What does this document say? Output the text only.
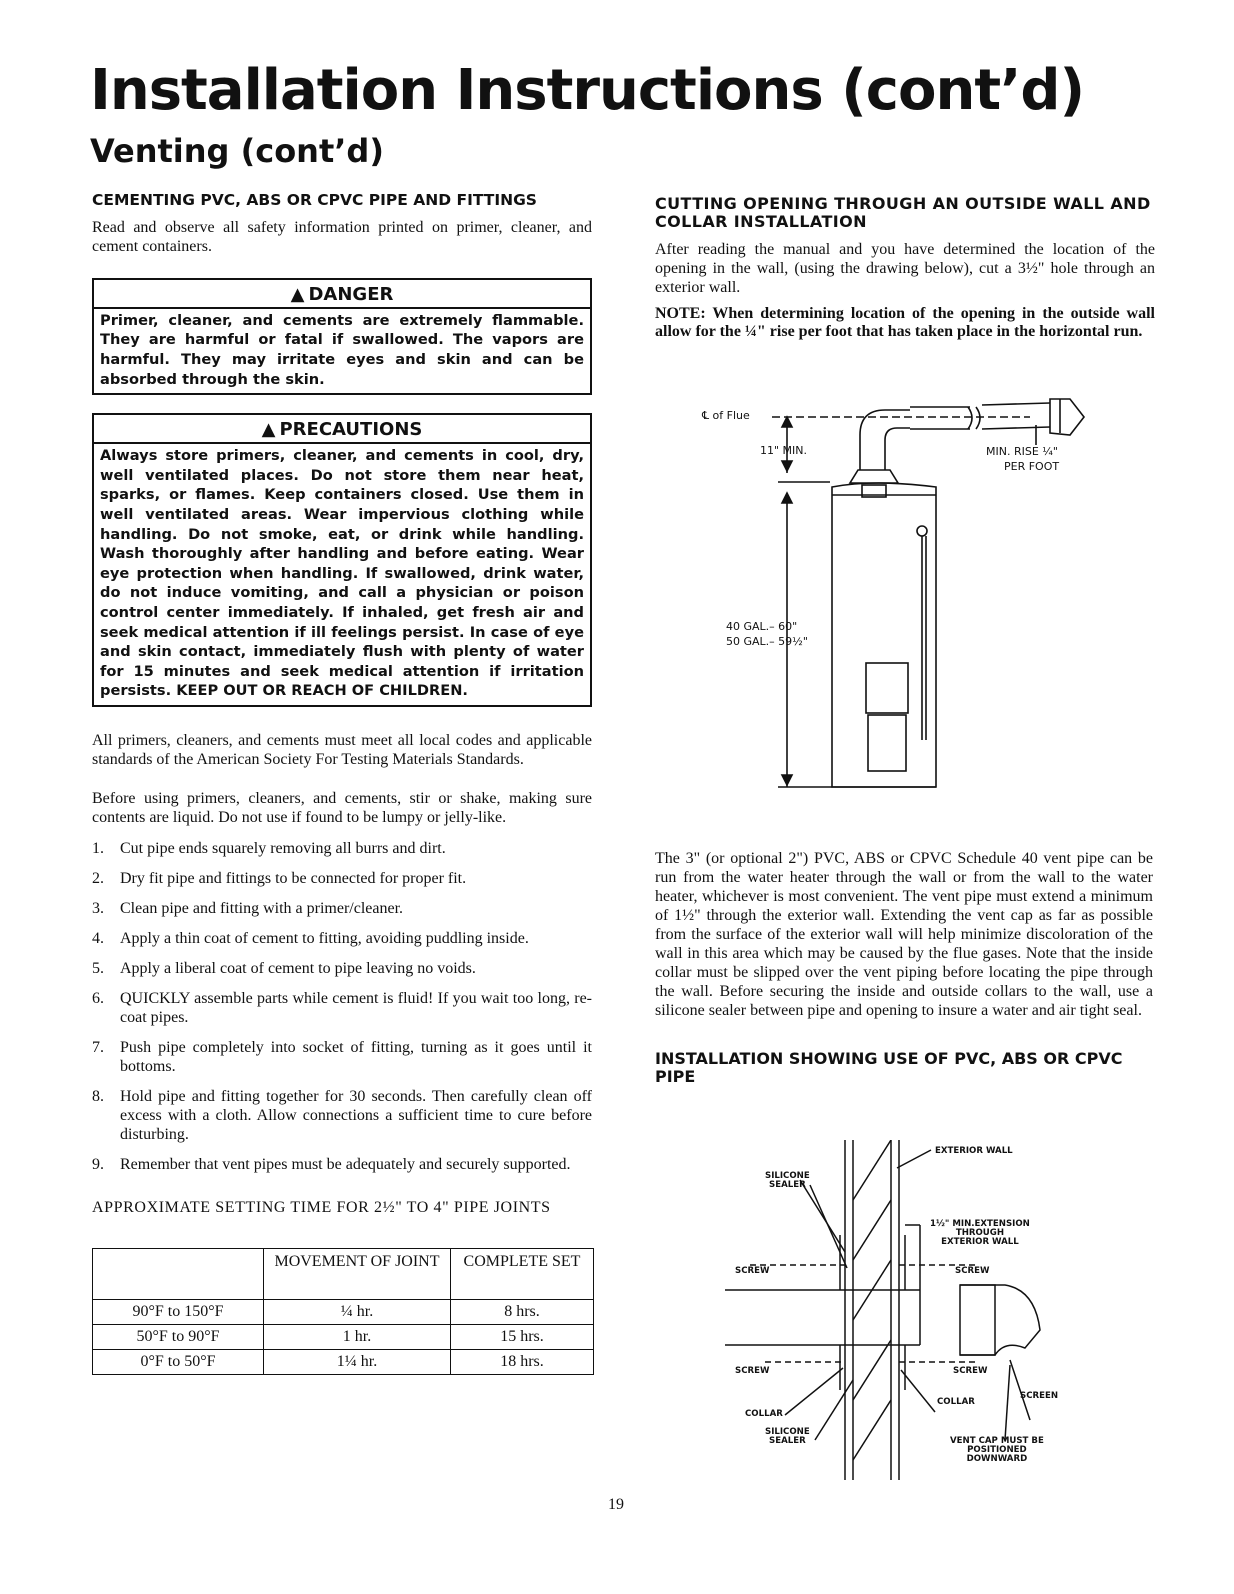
Installation Instructions (cont’d)
Venting (cont’d)
CEMENTING PVC, ABS OR CPVC PIPE AND FITTINGS

Read and observe all safety information printed on primer, cleaner, and cement containers.

▲ DANGER
Primer, cleaner, and cements are extremely flammable. They are harmful or fatal if swallowed. The vapors are harmful. They may irritate eyes and skin and can be absorbed through the skin.
▲ PRECAUTIONS
Always store primers, cleaner, and cements in cool, dry, well ventilated places. Do not store them near heat, sparks, or flames. Keep containers closed. Use them in well ventilated areas. Wear impervious clothing while handling. Do not smoke, eat, or drink while handling. Wash thoroughly after handling and before eating. Wear eye protection when handling. If swallowed, drink water, do not induce vomiting, and call a physician or poison control center immediately. If inhaled, get fresh air and seek medical attention if ill feelings persist. In case of eye and skin contact, immediately flush with plenty of water for 15 minutes and seek medical attention if irritation persists. KEEP OUT OR REACH OF CHILDREN.

All primers, cleaners, and cements must meet all local codes and applicable standards of the American Society For Testing Materials Standards.

Before using primers, cleaners, and cements, stir or shake, making sure contents are liquid. Do not use if found to be lumpy or jelly-like.

1. Cut pipe ends squarely removing all burrs and dirt.
2. Dry fit pipe and fittings to be connected for proper fit.
3. Clean pipe and fitting with a primer/cleaner.
4. Apply a thin coat of cement to fitting, avoiding puddling inside.
5. Apply a liberal coat of cement to pipe leaving no voids.
6. QUICKLY assemble parts while cement is fluid! If you wait too long, re-coat pipes.
7. Push pipe completely into socket of fitting, turning as it goes until it bottoms.
8. Hold pipe and fitting together for 30 seconds. Then carefully clean off excess with a cloth. Allow connections a sufficient time to cure before disturbing.
9. Remember that vent pipes must be adequately and securely supported.
APPROXIMATE SETTING TIME FOR 2½" TO 4" PIPE JOINTS
	MOVEMENT OF JOINT	COMPLETE SET
90°F to 150°F	¼ hr.	8 hrs.
50°F to 90°F	1 hr.	15 hrs.
0°F to 50°F	1¼ hr.	18 hrs.
CUTTING OPENING THROUGH AN OUTSIDE WALL AND COLLAR INSTALLATION

After reading the manual and you have determined the location of the opening in the wall, (using the drawing below), cut a 3½" hole through an exterior wall.

NOTE: When determining location of the opening in the outside wall allow for the ¼" rise per foot that has taken place in the horizontal run.

℄ of Flue
11" MIN.	MIN. RISE ¼"
PER FOOT
40 GAL.– 60"
50 GAL.– 59½"

The 3" (or optional 2") PVC, ABS or CPVC Schedule 40 vent pipe can be run from the water heater through the wall or from the wall to the water heater, whichever is most convenient. The vent pipe must extend a minimum of 1½" through the exterior wall. Extending the vent cap as far as possible from the surface of the exterior wall will help minimize discoloration of the wall in this area which may be caused by the flue gases. Note that the inside collar must be slipped over the vent piping before locating the pipe through the wall. Before securing the inside and outside collars to the wall, use a silicone sealer between pipe and opening to insure a water and air tight seal.

INSTALLATION SHOWING USE OF PVC, ABS OR CPVC PIPE
EXTERIOR WALL
SILICONE
SEALER
1½" MIN.EXTENSION
THROUGH
EXTERIOR WALL
SCREW	SCREW
SCREW	SCREW
COLLAR
COLLAR
SCREEN
SILICONE
SEALER	VENT CAP MUST BE
POSITIONED
DOWNWARD
19
